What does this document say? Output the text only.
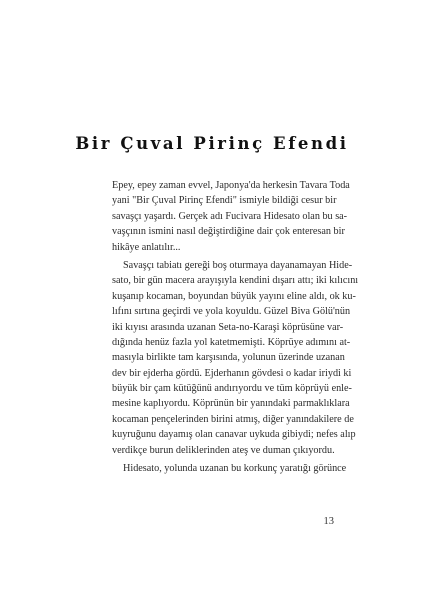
Bir Çuval Pirinç Efendi
Epey, epey zaman evvel, Japonya'da herkesin Tavara Toda
yani "Bir Çuval Pirinç Efendi" ismiyle bildiği cesur bir
savaşçı yaşardı. Gerçek adı Fucivara Hidesato olan bu sa-
vaşçının ismini nasıl değiştirdiğine dair çok enteresan bir
hikâye anlatılır...
Savaşçı tabiatı gereği boş oturmaya dayanamayan Hide-
sato, bir gün macera arayışıyla kendini dışarı attı; iki kılıcını
kuşanıp kocaman, boyundan büyük yayını eline aldı, ok ku-
lıfını sırtına geçirdi ve yola koyuldu. Güzel Biva Gölü'nün
iki kıyısı arasında uzanan Seta-no-Karaşi köprüsüne var-
dığında henüz fazla yol katetmemişti. Köprüye adımını at-
masıyla birlikte tam karşısında, yolunun üzerinde uzanan
dev bir ejderha gördü. Ejderhanın gövdesi o kadar iriydi ki
büyük bir çam kütüğünü andırıyordu ve tüm köprüyü enle-
mesine kaplıyordu. Köprünün bir yanındaki parmaklıklara
kocaman pençelerinden birini atmış, diğer yanındakilere de
kuyruğunu dayamış olan canavar uykuda gibiydi; nefes alıp
verdikçe burun deliklerinden ateş ve duman çıkıyordu.
Hidesato, yolunda uzanan bu korkunç yaratığı görünce
13
